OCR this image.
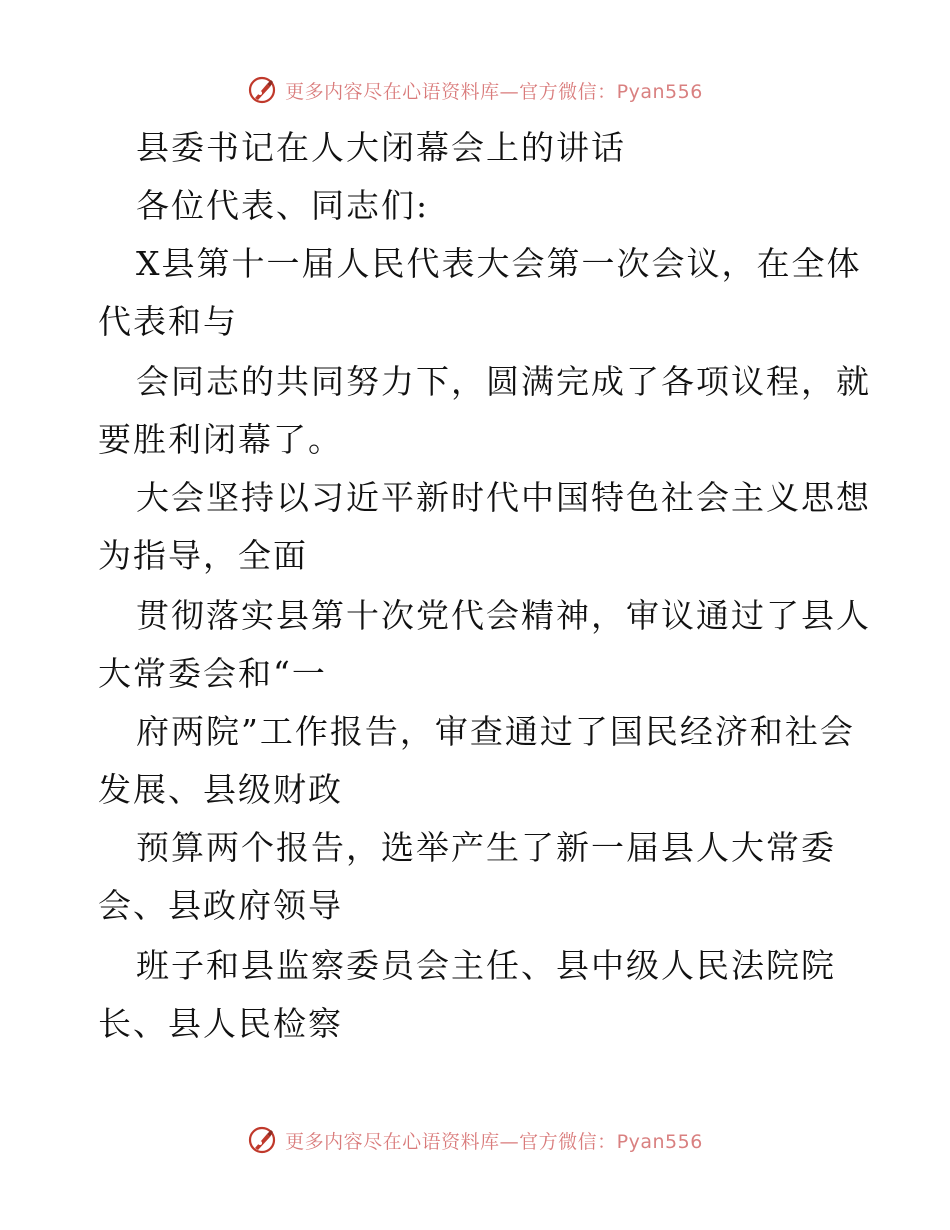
更多内容尽在心语资料库—官方微信：Pyan556
县委书记在人大闭幕会上的讲话
各位代表、同志们:
X县第十一届人民代表大会第一次会议，在全体
代表和与
会同志的共同努力下，圆满完成了各项议程，就
要胜利闭幕了。
大会坚持以习近平新时代中国特色社会主义思想
为指导，全面
贯彻落实县第十次党代会精神，审议通过了县人
大常委会和“一
府两院”工作报告，审查通过了国民经济和社会
发展、县级财政
预算两个报告，选举产生了新一届县人大常委
会、县政府领导
班子和县监察委员会主任、县中级人民法院院
长、县人民检察
更多内容尽在心语资料库—官方微信：Pyan556
